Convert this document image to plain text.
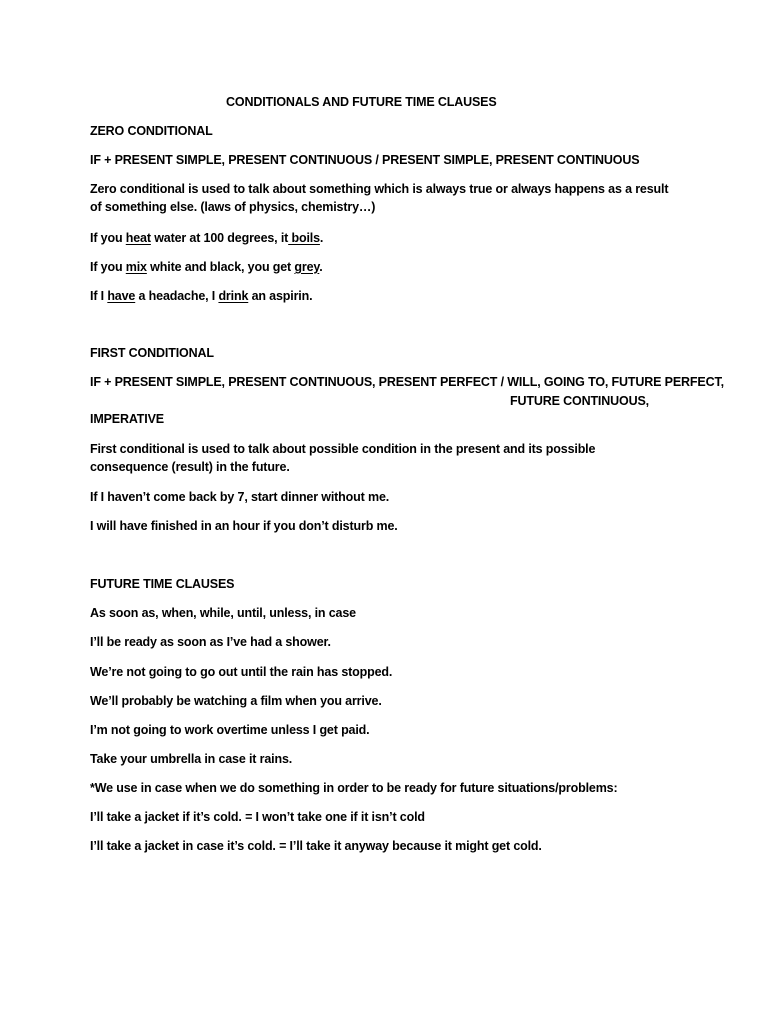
CONDITIONALS AND FUTURE TIME CLAUSES
ZERO CONDITIONAL
IF + PRESENT SIMPLE, PRESENT CONTINUOUS / PRESENT SIMPLE, PRESENT CONTINUOUS
Zero conditional is used to talk about something which is always true or always happens as a result of something else. (laws of physics, chemistry…)
If you heat water at 100 degrees, it boils.
If you mix white and black, you get grey.
If I have a headache, I drink an aspirin.
FIRST CONDITIONAL
IF + PRESENT SIMPLE, PRESENT CONTINUOUS, PRESENT PERFECT / WILL, GOING TO, FUTURE PERFECT,
FUTURE CONTINUOUS,
IMPERATIVE
First conditional is used to talk about possible condition in the present and its possible consequence (result) in the future.
If I haven’t come back by 7, start dinner without me.
I will have finished in an hour if you don’t disturb me.
FUTURE TIME CLAUSES
As soon as, when, while, until, unless, in case
I’ll be ready as soon as I’ve had a shower.
We’re not going to go out until the rain has stopped.
We’ll probably be watching a film when you arrive.
I’m not going to work overtime unless I get paid.
Take your umbrella in case it rains.
*We use in case when we do something in order to be ready for future situations/problems:
I’ll take a jacket if it’s cold. = I won’t take one if it isn’t cold
I’ll take a jacket in case it’s cold. = I’ll take it anyway because it might get cold.
